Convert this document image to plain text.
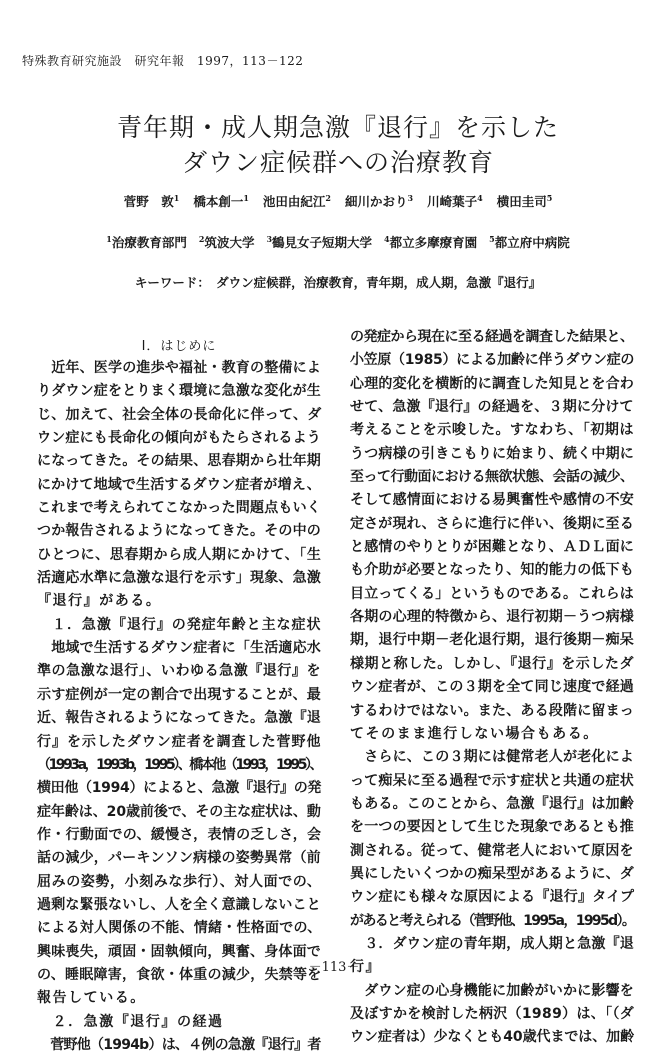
特殊教育研究施設　研究年報　1997，113－122
青年期・成人期急激『退行』を示した
ダウン症候群への治療教育
菅野　敦$^1$ 橋本創一$^1$ 池田由紀江$^2$ 細川かおり$^3$ 川崎葉子$^4$ 横田圭司$^5$
$^1$治療教育部門 $^2$筑波大学 $^3$鶴見女子短期大学 $^4$都立多摩療育園 $^5$都立府中病院
キーワード：　ダウン症候群，治療教育，青年期，成人期，急激『退行』
Ⅰ．はじめに
　近年、医学の進歩や福祉・教育の整備によ
りダウン症をとりまく環境に急激な変化が生
じ、加えて、社会全体の長命化に伴って、ダ
ウン症にも長命化の傾向がもたらされるよう
になってきた。その結果、思春期から壮年期
にかけて地域で生活するダウン症者が増え、
これまで考えられてこなかった問題点もいく
つか報告されるようになってきた。その中の
ひとつに、思春期から成人期にかけて、「生
活適応水準に急激な退行を示す」現象、急激
『退行』がある。
　１．急激『退行』の発症年齢と主な症状
　地域で生活するダウン症者に「生活適応水
準の急激な退行」、いわゆる急激『退行』を
示す症例が一定の割合で出現することが、最
近、報告されるようになってきた。急激『退
行』を示したダウン症者を調査した菅野他
（1993a，1993b，1995）、橋本他（1993，1995）、
横田他（1994）によると、急激『退行』の発
症年齢は、20歳前後で、その主な症状は、動
作・行動面での、緩慢さ，表情の乏しさ，会
話の減少，パーキンソン病様の姿勢異常（前
屈みの姿勢，小刻みな歩行）、対人面での、
過剰な緊張ないし、人を全く意識しないこと
による対人関係の不能、情緒・性格面での、
興味喪失，頑固・固執傾向，興奮、身体面で
の、睡眠障害，食欲・体重の減少，失禁等を
報告している。
　２．急激『退行』の経過
　菅野他（1994b）は、４例の急激『退行』者
の発症から現在に至る経過を調査した結果と、
小笠原（1985）による加齢に伴うダウン症の
心理的変化を横断的に調査した知見とを合わ
せて、急激『退行』の経過を、３期に分けて
考えることを示唆した。すなわち、「初期は
うつ病様の引きこもりに始まり、続く中期に
至って行動面における無欲状態、会話の減少、
そして感情面における易興奮性や感情の不安
定さが現れ、さらに進行に伴い、後期に至る
と感情のやりとりが困難となり、ＡＤＬ面に
も介助が必要となったり、知的能力の低下も
目立ってくる」というものである。これらは
各期の心理的特徴から、退行初期－うつ病様
期，退行中期－老化退行期，退行後期－痴呆
様期と称した。しかし、『退行』を示したダ
ウン症者が、この３期を全て同じ速度で経過
するわけではない。また、ある段階に留まっ
てそのまま進行しない場合もある。
　さらに、この３期には健常老人が老化によ
って痴呆に至る過程で示す症状と共通の症状
もある。このことから、急激『退行』は加齢
を一つの要因として生じた現象であるとも推
測される。従って、健常老人において原因を
異にしたいくつかの痴呆型があるように、ダ
ウン症にも様々な原因による『退行』タイプ
があると考えられる（菅野他、1995a，1995d）。
　３．ダウン症の青年期，成人期と急激『退
行』
　ダウン症の心身機能に加齢がいかに影響を
及ぼすかを検討した柄沢（1989）は、「（ダ
ウン症者は）少なくとも40歳代までは、加齢
－113－
